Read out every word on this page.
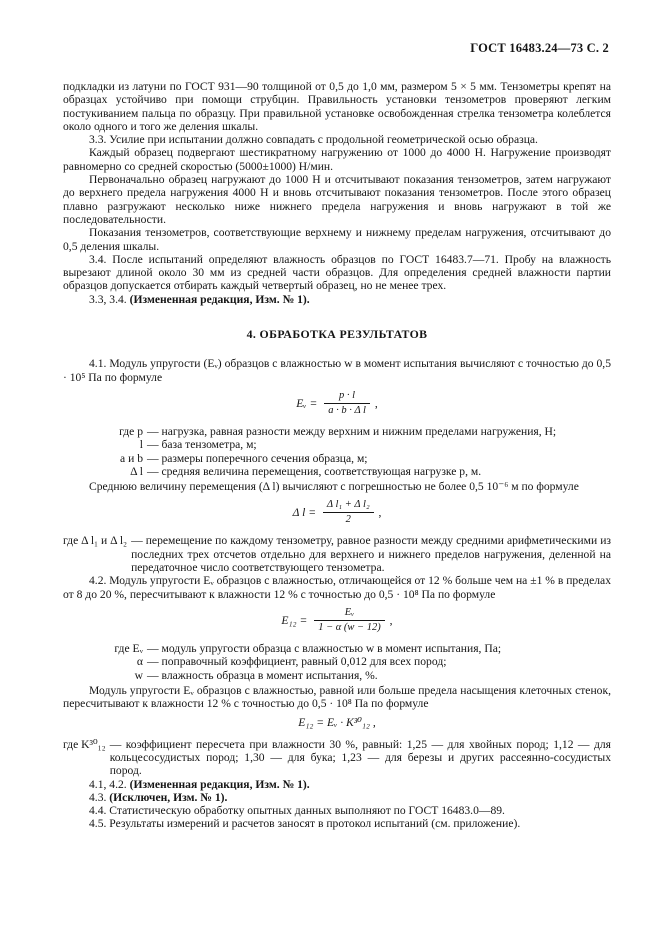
ГОСТ 16483.24—73 С. 2

подкладки из латуни по ГОСТ 931—90 толщиной от 0,5 до 1,0 мм, размером 5 × 5 мм. Тензометры крепят на образцах устойчиво при помощи струбцин. Правильность установки тензометров проверяют легким постукиванием пальца по образцу. При правильной установке освобожденная стрелка тензометра колеблется около одного и того же деления шкалы.

3.3. Усилие при испытании должно совпадать с продольной геометрической осью образца.

Каждый образец подвергают шестикратному нагружению от 1000 до 4000 Н. Нагружение производят равномерно со средней скоростью (5000±1000) Н/мин.

Первоначально образец нагружают до 1000 Н и отсчитывают показания тензометров, затем нагружают до верхнего предела нагружения 4000 Н и вновь отсчитывают показания тензометров. После этого образец плавно разгружают несколько ниже нижнего предела нагружения и вновь нагружают в той же последовательности.

Показания тензометров, соответствующие верхнему и нижнему пределам нагружения, отсчитывают до 0,5 деления шкалы.

3.4. После испытаний определяют влажность образцов по ГОСТ 16483.7—71. Пробу на влажность вырезают длиной около 30 мм из средней части образцов. Для определения средней влажности партии образцов допускается отбирать каждый четвертый образец, но не менее трех.

3.3, 3.4. (Измененная редакция, Изм. № 1).

4. ОБРАБОТКА РЕЗУЛЬТАТОВ

4.1. Модуль упругости (Eᵥ) образцов с влажностью w в момент испытания вычисляют с точностью до 0,5 · 10⁵ Па по формуле

Eᵥ = $\frac{p \cdot l}{\text{a · b · Δ l}}$ ,
где p — нагрузка, равная разности между верхним и нижним пределами нагружения, Н;
l — база тензометра, м;
a и b — размеры поперечного сечения образца, м;
Δ l — средняя величина перемещения, соответствующая нагрузке p, м.

Среднюю величину перемещения (Δ l) вычисляют с погрешностью не более 0,5 10⁻⁶ м по формуле

Δ $l = \frac{\text{Δ l₁ + Δ l₂}}{2}$ ,
где Δ l₁ и Δ l₂ — перемещение по каждому тензометру, равное разности между средними арифметическими из последних трех отсчетов отдельно для верхнего и нижнего пределов нагружения, деленной на передаточное число соответствующего тензометра.

4.2. Модуль упругости Eᵥ образцов с влажностью, отличающейся от 12 % больше чем на ±1 % в пределах от 8 до 20 %, пересчитывают к влажности 12 % с точностью до 0,5 · 10⁸ Па по формуле

$E_{12} = \frac{\text{Eᵥ}}{1 - \alpha (w - 12)}$ ,
где Eᵥ — модуль упругости образца с влажностью w в момент испытания, Па;
α — поправочный коэффициент, равный 0,012 для всех пород;
w — влажность образца в момент испытания, %.

Модуль упругости Eᵥ образцов с влажностью, равной или больше предела насыщения клеточных стенок, пересчитывают к влажности 12 % с точностью до 0,5 · 10⁸ Па по формуле

E₁₂ = Eᵥ · K³⁰₁₂ ,
где K³⁰₁₂ — коэффициент пересчета при влажности 30 %, равный: 1,25 — для хвойных пород; 1,12 — для кольцесосудистых пород; 1,30 — для бука; 1,23 — для березы и других рассеянно-сосудистых пород.

4.1, 4.2. (Измененная редакция, Изм. № 1).

4.3. (Исключен, Изм. № 1).

4.4. Статистическую обработку опытных данных выполняют по ГОСТ 16483.0—89.

4.5. Результаты измерений и расчетов заносят в протокол испытаний (см. приложение).
